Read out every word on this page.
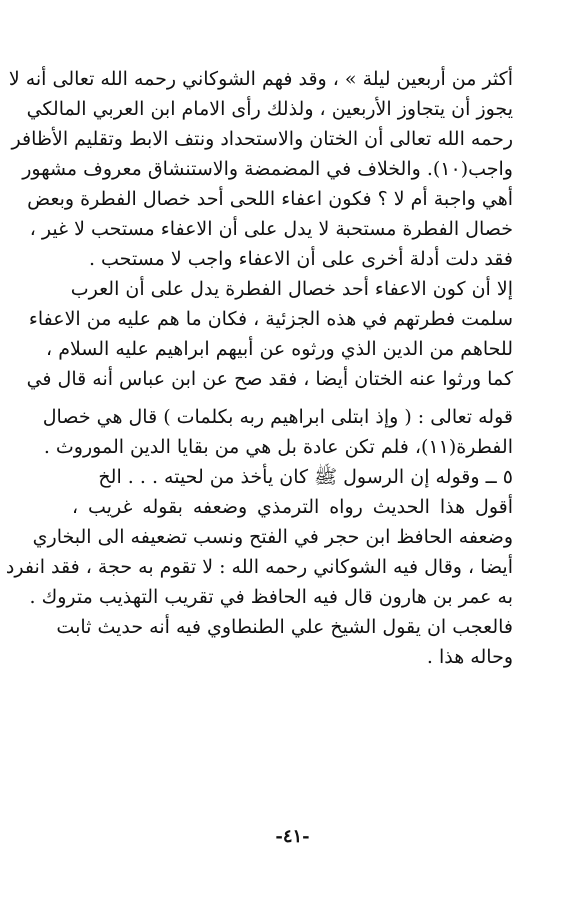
أكثر من أربعين ليلة » ، وقد فهم الشوكاني رحمه الله تعالى أنه لا

يجوز أن يتجاوز الأربعين ، ولذلك رأى الامام ابن العربي المالكي

رحمه الله تعالى أن الختان والاستحداد ونتف الابط وتقليم الأظافر

واجب(١٠). والخلاف في المضمضة والاستنشاق معروف مشهور

أهي واجبة أم لا ؟ فكون اعفاء اللحى أحد خصال الفطرة وبعض

خصال الفطرة مستحبة لا يدل على أن الاعفاء مستحب لا غير ،

فقد دلت أدلة أخرى على أن الاعفاء واجب لا مستحب .

إلا أن كون الاعفاء أحد خصال الفطرة يدل على أن العرب

سلمت فطرتهم في هذه الجزئية ، فكان ما هم عليه من الاعفاء

للحاهم من الدين الذي ورثوه عن أبيهم ابراهيم عليه السلام ،

كما ورثوا عنه الختان أيضا ، فقد صح عن ابن عباس أنه قال في

قوله تعالى : ( وإذ ابتلى ابراهيم ربه بكلمات ) قال هي خصال

الفطرة(١١)، فلم تكن عادة بل هي من بقايا الدين الموروث .

٥ ــ وقوله إن الرسول ﷺ كان يأخذ من لحيته . . . الخ

أقول هذا الحديث رواه الترمذي وضعفه بقوله غريب ،

وضعفه الحافظ ابن حجر في الفتح ونسب تضعيفه الى البخاري

أيضا ، وقال فيه الشوكاني رحمه الله : لا تقوم به حجة ، فقد انفرد

به عمر بن هارون قال فيه الحافظ في تقريب التهذيب متروك .

فالعجب ان يقول الشيخ علي الطنطاوي فيه أنه حديث ثابت

وحاله هذا .

-٤١-
